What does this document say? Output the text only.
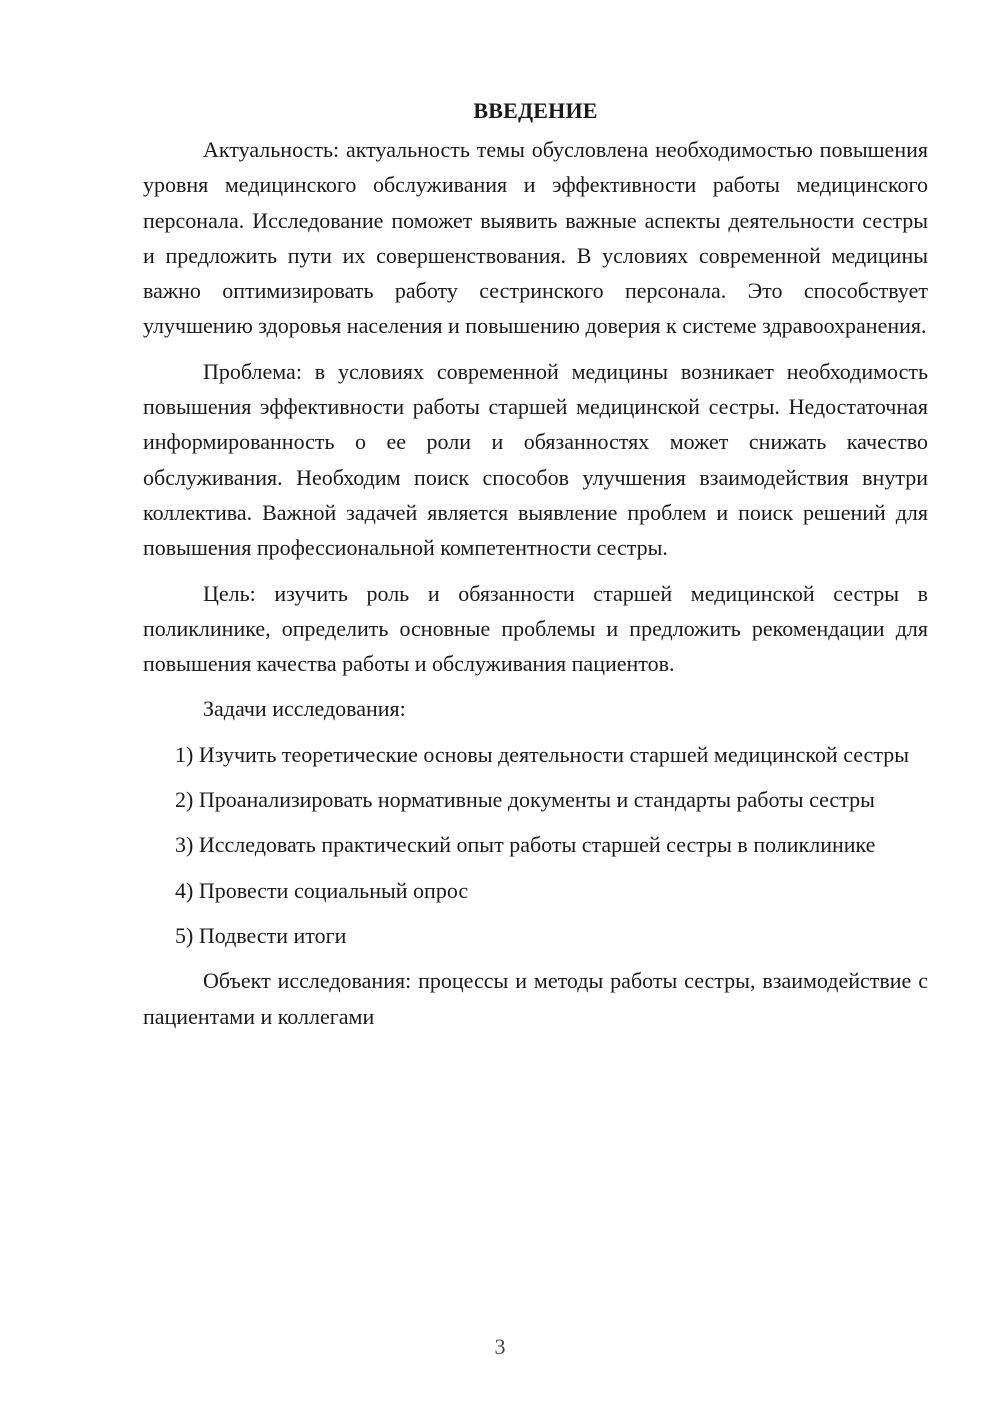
ВВЕДЕНИЕ

Актуальность: актуальность темы обусловлена необходимостью повышения уровня медицинского обслуживания и эффективности работы медицинского персонала. Исследование поможет выявить важные аспекты деятельности сестры и предложить пути их совершенствования. В условиях современной медицины важно оптимизировать работу сестринского персонала. Это способствует улучшению здоровья населения и повышению доверия к системе здравоохранения.

Проблема: в условиях современной медицины возникает необходимость повышения эффективности работы старшей медицинской сестры. Недостаточная информированность о ее роли и обязанностях может снижать качество обслуживания. Необходим поиск способов улучшения взаимодействия внутри коллектива. Важной задачей является выявление проблем и поиск решений для повышения профессиональной компетентности сестры.

Цель: изучить роль и обязанности старшей медицинской сестры в поликлинике, определить основные проблемы и предложить рекомендации для повышения качества работы и обслуживания пациентов.

Задачи исследования:

1) Изучить теоретические основы деятельности старшей медицинской сестры

2) Проанализировать нормативные документы и стандарты работы сестры

3) Исследовать практический опыт работы старшей сестры в поликлинике

4) Провести социальный опрос

5) Подвести итоги

Объект исследования: процессы и методы работы сестры, взаимодействие с пациентами и коллегами

3
